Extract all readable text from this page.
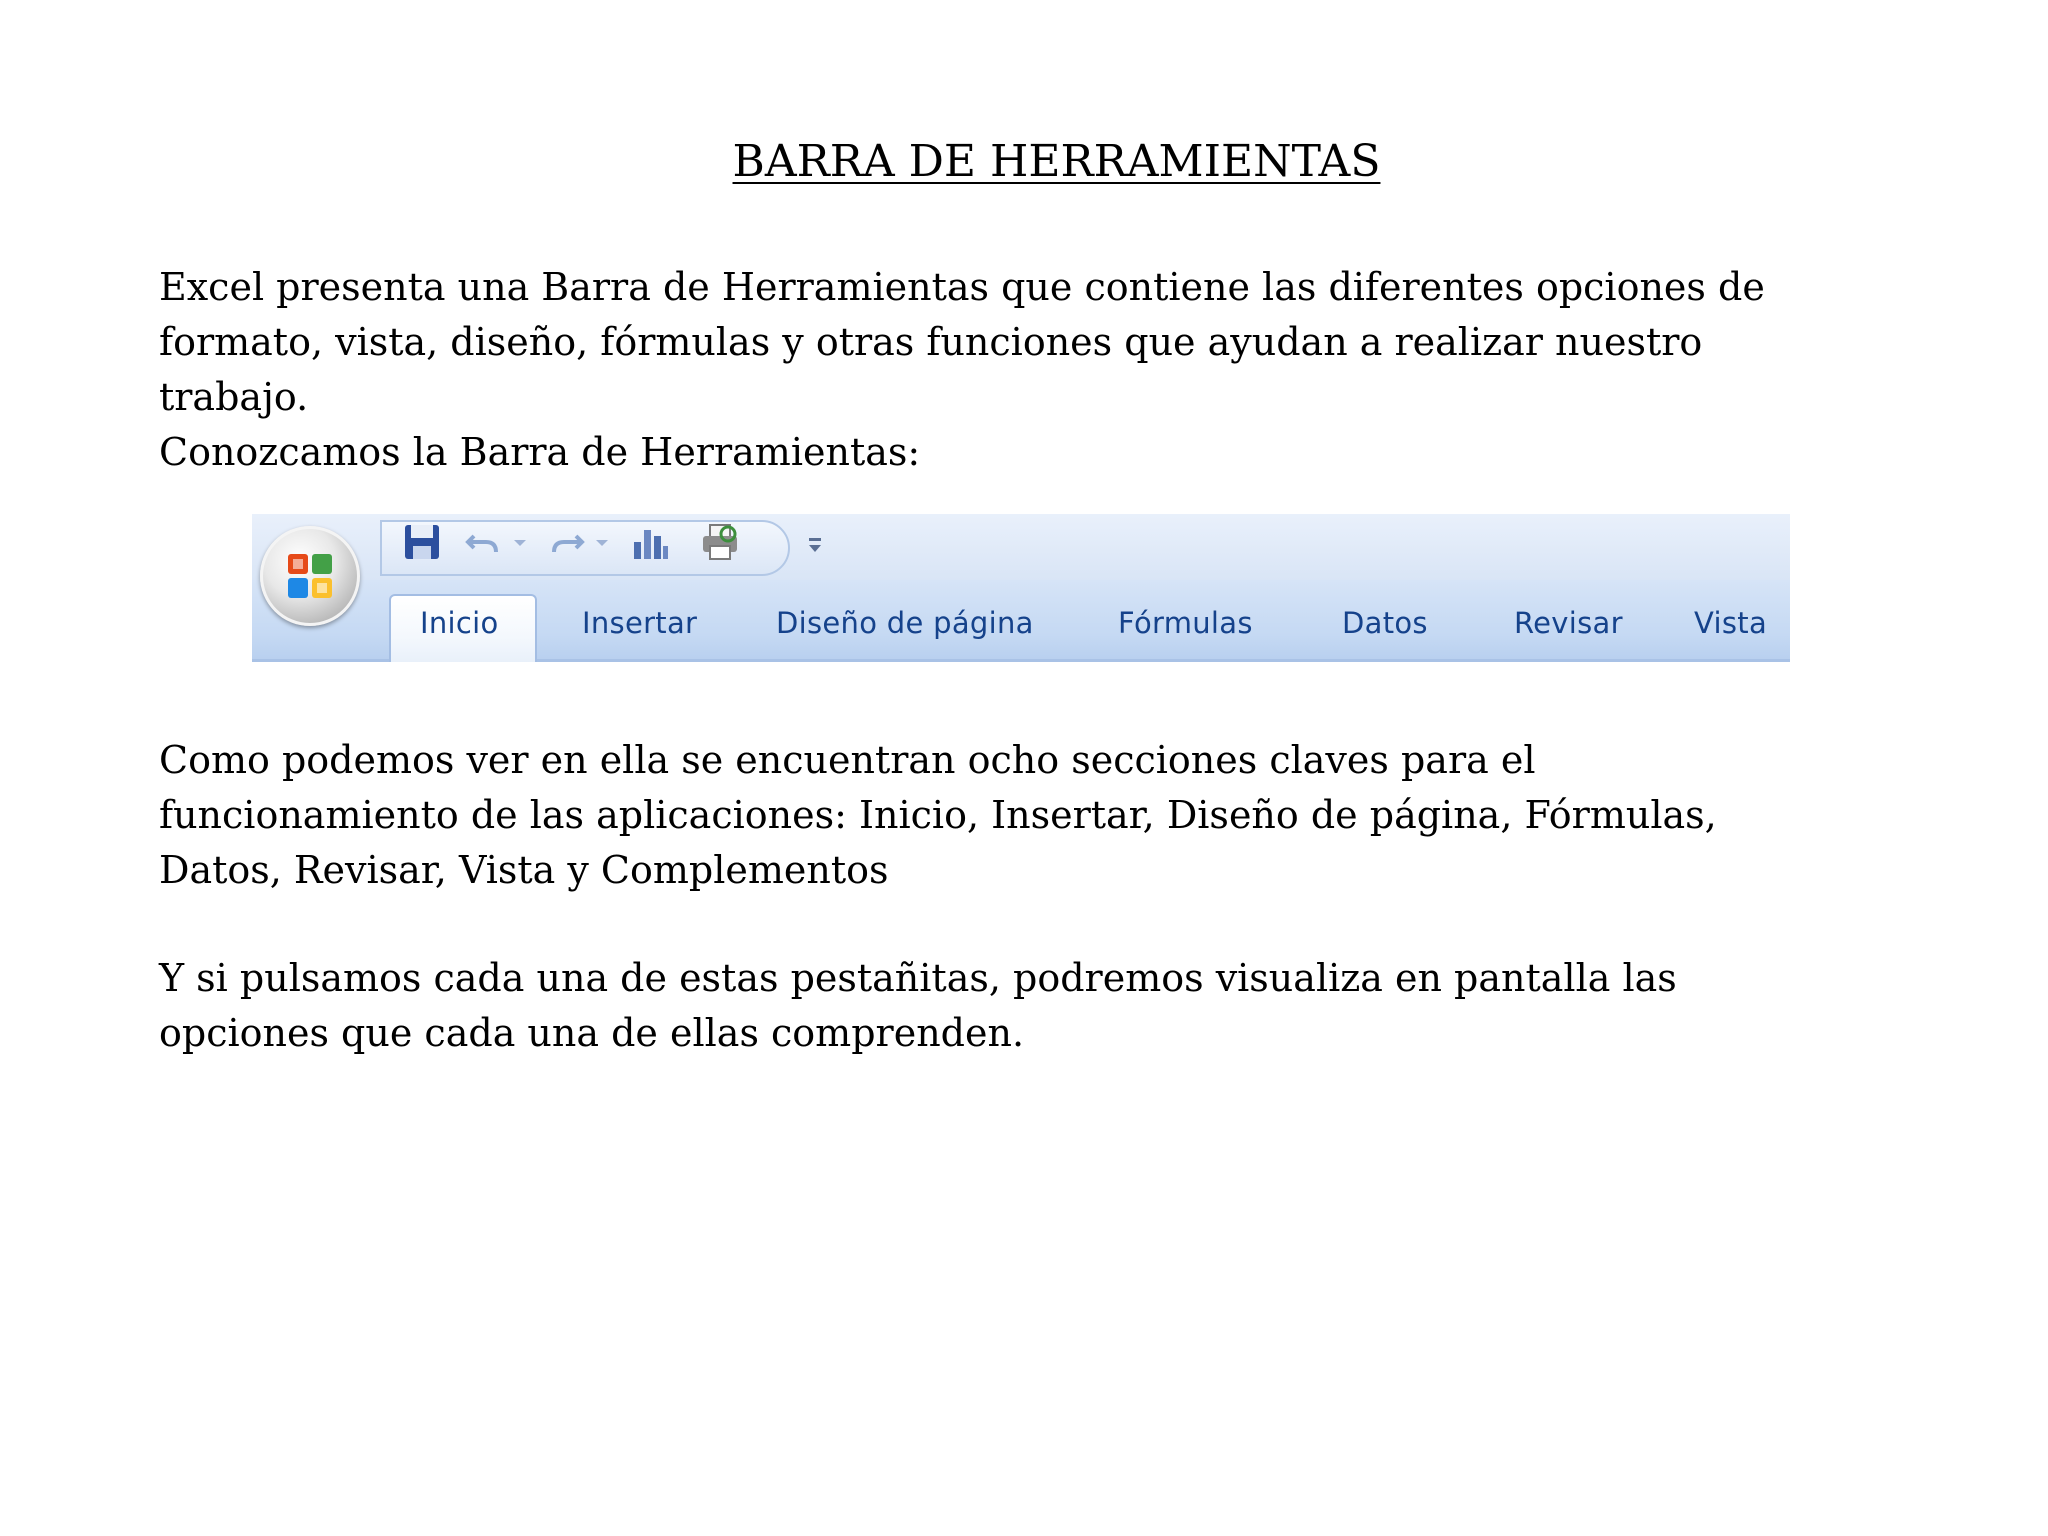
BARRA DE HERRAMIENTAS
Excel presenta una Barra de Herramientas que contiene las diferentes opciones de
formato, vista, diseño, fórmulas y otras funciones que ayudan a realizar nuestro
trabajo.
Conozcamos la Barra de Herramientas:
Inicio	Insertar	Diseño de página	Fórmulas	Datos	Revisar Vista
Como podemos ver en ella se encuentran ocho secciones claves para el
funcionamiento de las aplicaciones: Inicio, Insertar, Diseño de página, Fórmulas,
Datos, Revisar, Vista y Complementos
Y si pulsamos cada una de estas pestañitas, podremos visualiza en pantalla las
opciones que cada una de ellas comprenden.
